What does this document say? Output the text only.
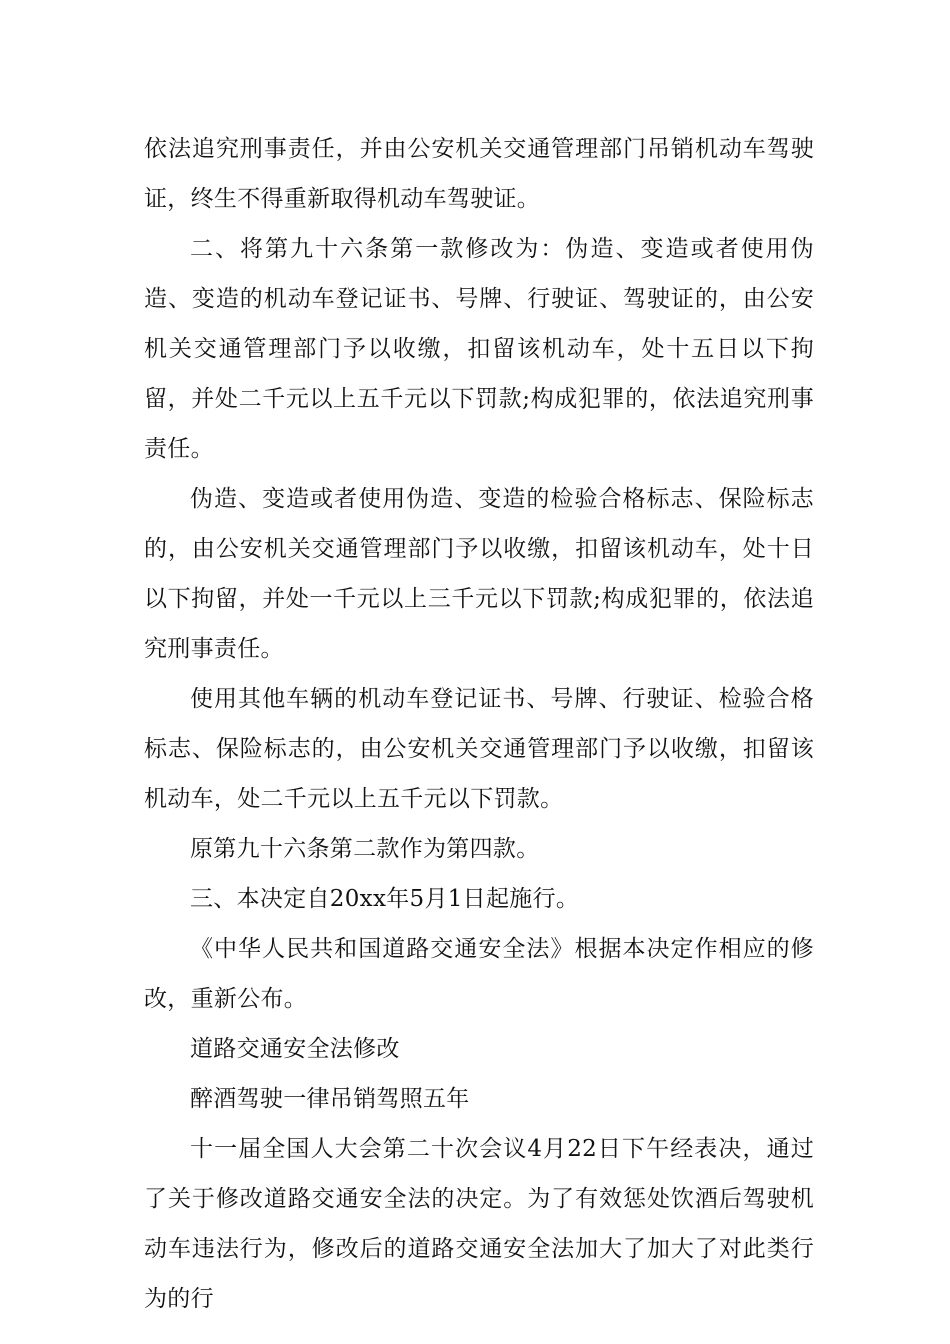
依法追究刑事责任，并由公安机关交通管理部门吊销机动车驾驶证，终生不得重新取得机动车驾驶证。

二、将第九十六条第一款修改为：伪造、变造或者使用伪造、变造的机动车登记证书、号牌、行驶证、驾驶证的，由公安机关交通管理部门予以收缴，扣留该机动车，处十五日以下拘留，并处二千元以上五千元以下罚款;构成犯罪的，依法追究刑事责任。

伪造、变造或者使用伪造、变造的检验合格标志、保险标志的，由公安机关交通管理部门予以收缴，扣留该机动车，处十日以下拘留，并处一千元以上三千元以下罚款;构成犯罪的，依法追究刑事责任。

使用其他车辆的机动车登记证书、号牌、行驶证、检验合格标志、保险标志的，由公安机关交通管理部门予以收缴，扣留该机动车，处二千元以上五千元以下罚款。

原第九十六条第二款作为第四款。

三、本决定自20xx年5月1日起施行。

《中华人民共和国道路交通安全法》根据本决定作相应的修改，重新公布。

道路交通安全法修改

醉酒驾驶一律吊销驾照五年

十一届全国人大会第二十次会议4月22日下午经表决，通过了关于修改道路交通安全法的决定。为了有效惩处饮酒后驾驶机动车违法行为，修改后的道路交通安全法加大了加大了对此类行为的行
